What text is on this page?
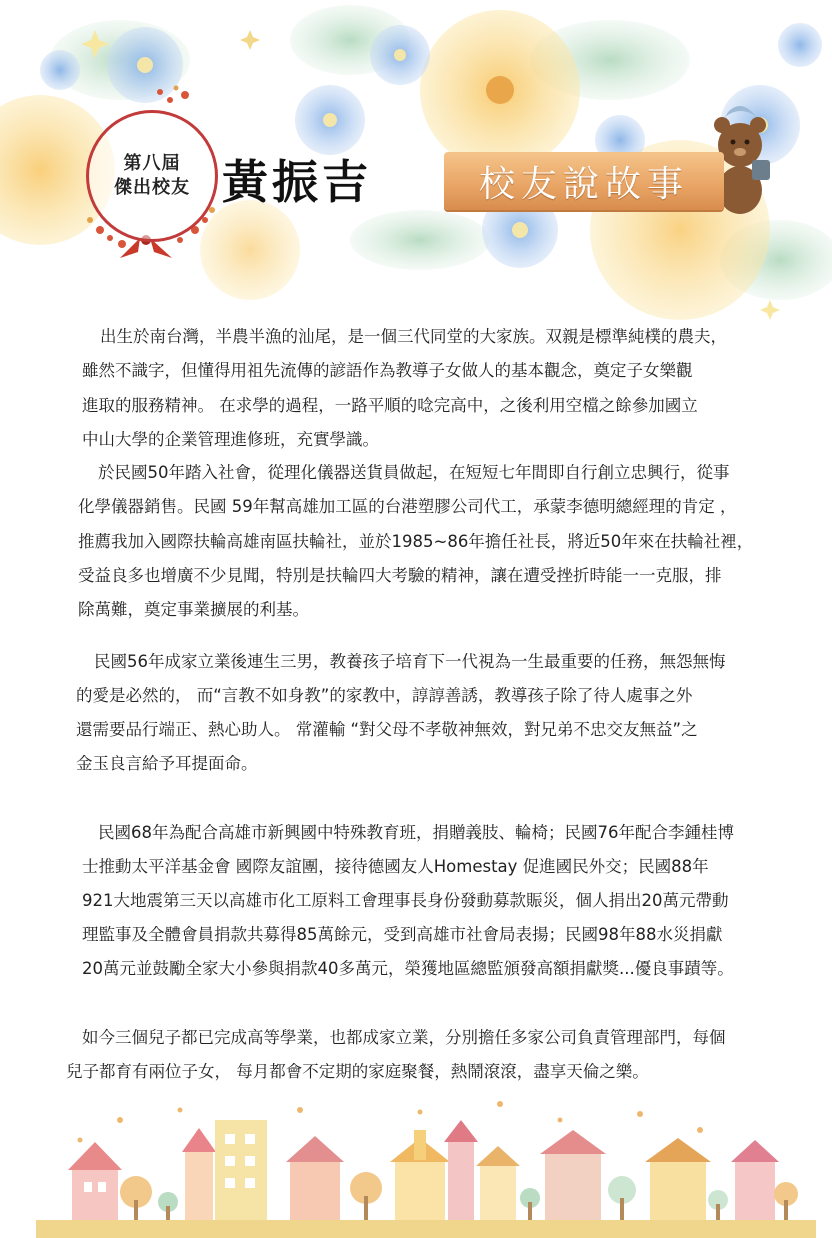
第八屆
傑出校友 黃振吉	校友說故事
出生於南台灣，半農半漁的汕尾，是一個三代同堂的大家族。双親是標準純樸的農夫，
雖然不識字，但懂得用祖先流傳的諺語作為教導子女做人的基本觀念，奠定子女樂觀
進取的服務精神。 在求學的過程，一路平順的唸完高中，之後利用空檔之餘參加國立
中山大學的企業管理進修班，充實學識。
於民國50年踏入社會，從理化儀器送貨員做起，在短短七年間即自行創立忠興行，從事
化學儀器銷售。民國 59年幫高雄加工區的台港塑膠公司代工，承蒙李德明總經理的肯定 ，
推薦我加入國際扶輪高雄南區扶輪社，並於1985~86年擔任社長，將近50年來在扶輪社裡，
受益良多也增廣不少見聞，特別是扶輪四大考驗的精神，讓在遭受挫折時能一一克服，排
除萬難，奠定事業擴展的利基。
民國56年成家立業後連生三男，教養孩子培育下一代視為一生最重要的任務，無怨無悔
的愛是必然的， 而“言教不如身教”的家教中，諄諄善誘，教導孩子除了待人處事之外
還需要品行端正、熱心助人。 常灌輸 “對父母不孝敬神無效，對兄弟不忠交友無益”之
金玉良言給予耳提面命。
民國68年為配合高雄市新興國中特殊教育班，捐贈義肢、輪椅；民國76年配合李鍾桂博
士推動太平洋基金會 國際友誼團，接待德國友人Homestay 促進國民外交；民國88年
921大地震第三天以高雄市化工原料工會理事長身份發動募款賑災，個人捐出20萬元帶動
理監事及全體會員捐款共募得85萬餘元，受到高雄市社會局表揚；民國98年88水災捐獻
20萬元並鼓勵全家大小參與捐款40多萬元，榮獲地區總監頒發高額捐獻獎...優良事蹟等。
如今三個兒子都已完成高等學業，也都成家立業，分別擔任多家公司負責管理部門，每個
兒子都育有兩位子女， 每月都會不定期的家庭聚餐，熱鬧滾滾，盡享天倫之樂。
